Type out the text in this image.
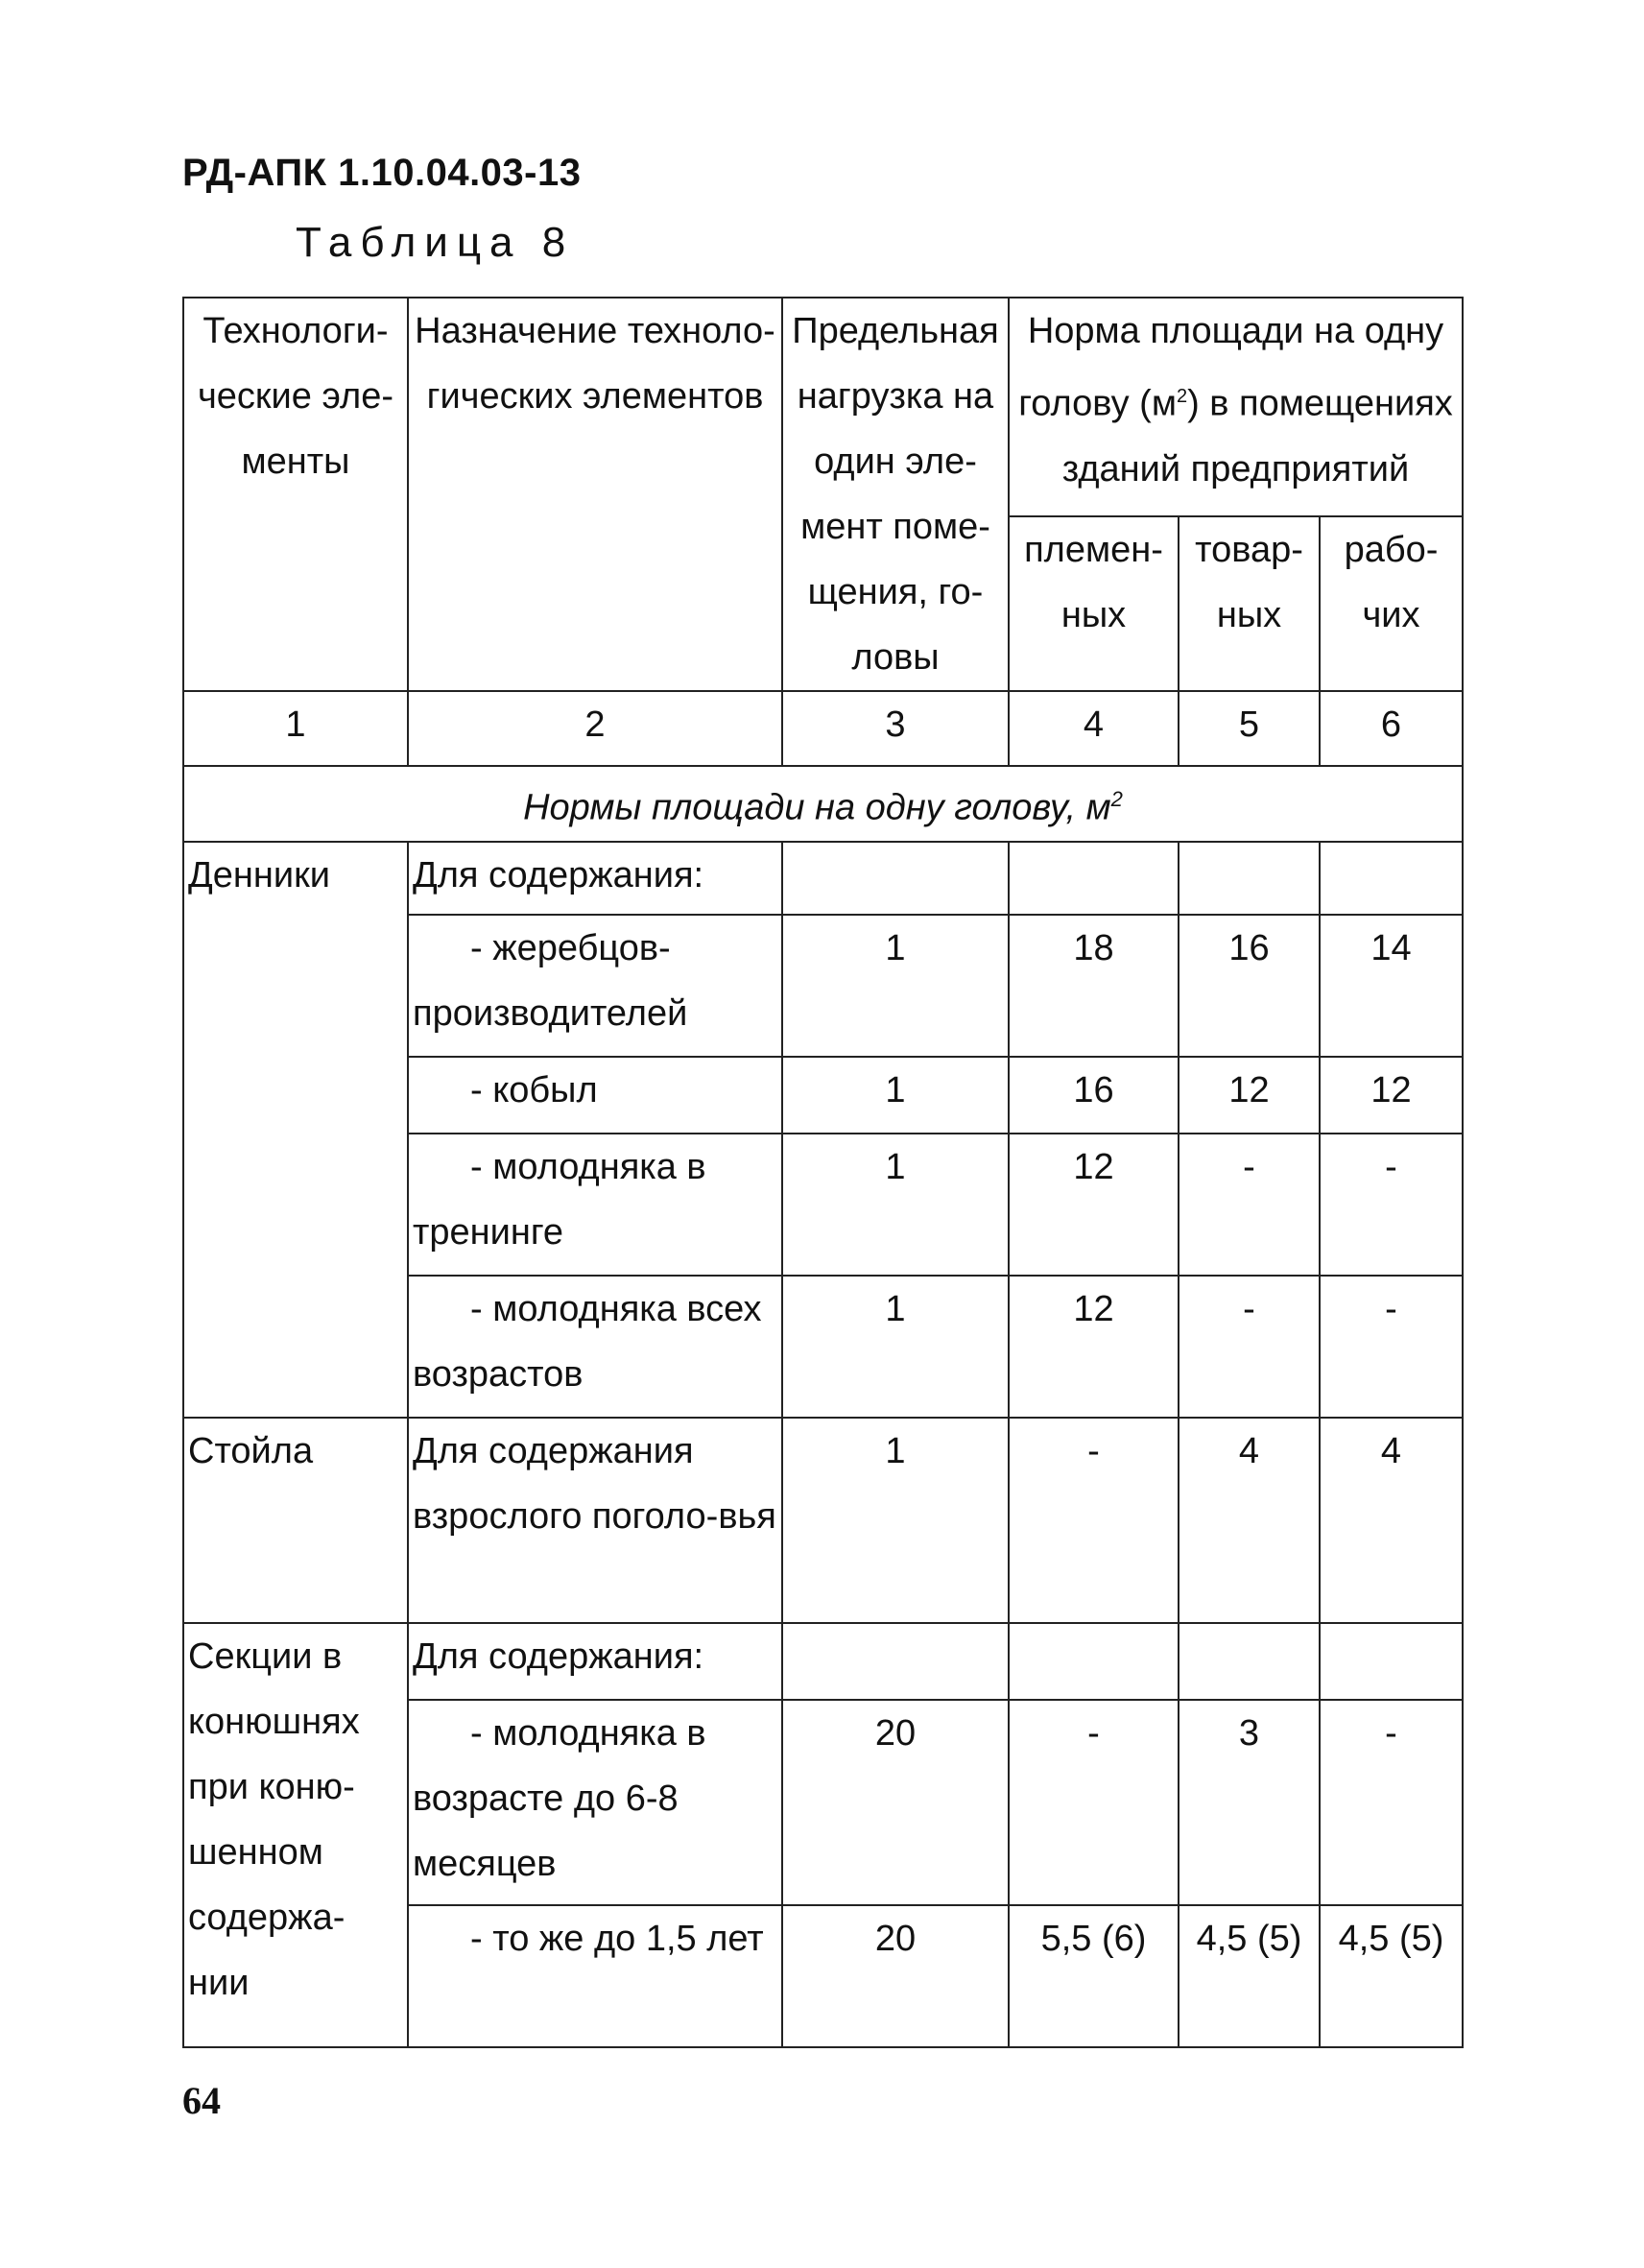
РД-АПК 1.10.04.03-13
Таблица 8
Технологи-ческие эле-менты	Назначение техноло-гических элементов	Предельная нагрузка на один эле-мент поме-щения, го-ловы	Норма площади на одну голову $(м^2)$ в помещениях зданий предприятий		
			племен-ных	товар-ных	рабо-чих
1	2	3	4	5	6
Нормы площади на одну голову, $м^2$
Денники	Для содержания:				
	- жеребцов-производителей	1	18	16	14
	- кобыл	1	16	12	12
	- молодняка в тренинге	1	12	-	-
	- молодняка всех возрастов	1	12	-	-
Стойла	Для содержания взрослого поголо-вья	1	-	4	4
Секции в конюшнях при коню-шенном содержа-нии	Для содержания:				
	- молодняка в возрасте до 6-8 месяцев	20	-	3	-
	- то же до 1,5 лет	20	5,5 (6)	4,5 (5)	4,5 (5)
64
